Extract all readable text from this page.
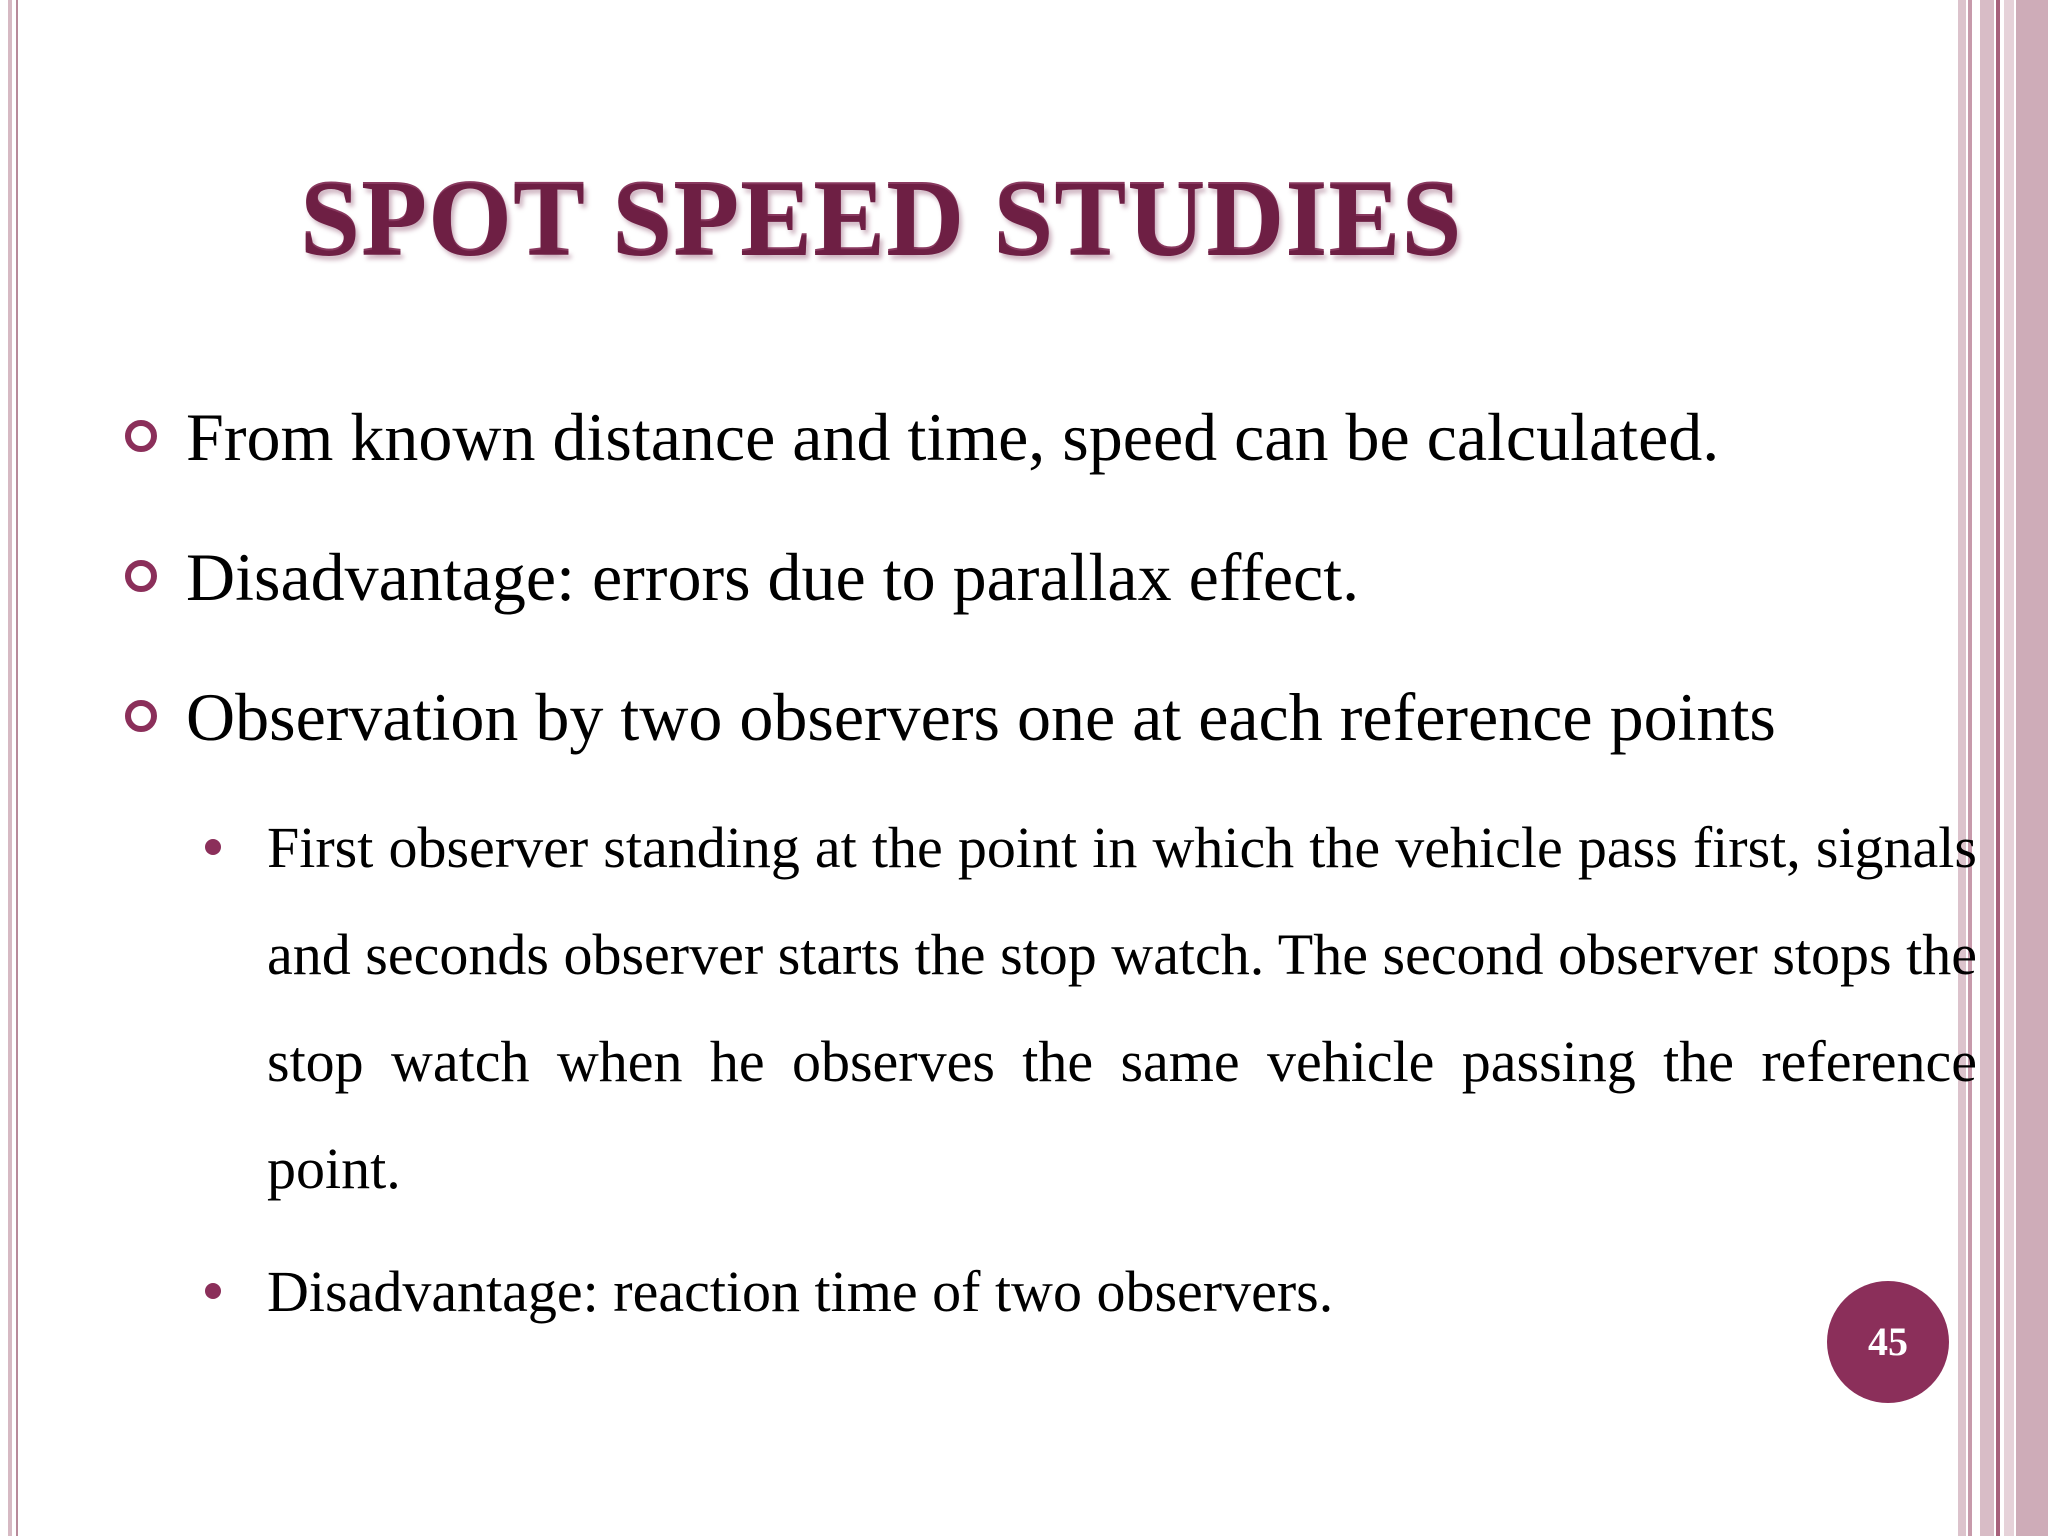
SPOT SPEED STUDIES
From known distance and time, speed can be calculated.
Disadvantage: errors due to parallax effect.
Observation by two observers one at each reference points
First observer standing at the point in which the vehicle pass first, signals and seconds observer starts the stop watch. The second observer stops the stop watch when he observes the same vehicle passing the reference point.
Disadvantage: reaction time of two observers.
45
